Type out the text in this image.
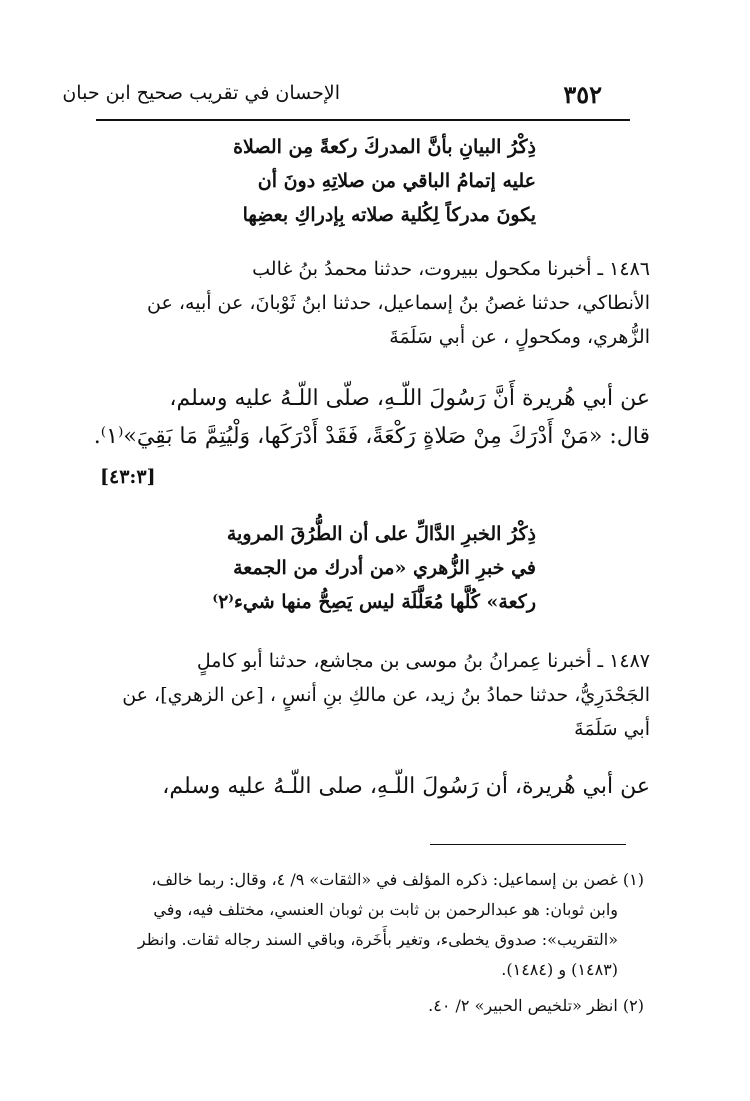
الإحسان في تقريب صحيح ابن حبان	٣٥٢
ذِكْرُ البيانِ بأنَّ المدركَ ركعةً مِن الصلاة
عليه إتمامُ الباقي من صلاتِهِ دونَ أن
يكونَ مدركاً لِكُلية صلاته بِإدراكِ بعضِها
١٤٨٦ ـ أخبرنا مكحول ببيروت، حدثنا محمدُ بنُ غالب
الأنطاكي، حدثنا غصنُ بنُ إسماعيل، حدثنا ابنُ ثَوْبانَ، عن أبيه، عن
الزُّهري، ومكحولٍ ، عن أبي سَلَمَةَ
عن أبي هُريرة أَنَّ رَسُولَ اللّـهِ، صلّى اللّـهُ عليه وسلم،
قال: «مَنْ أَدْرَكَ مِنْ صَلاةٍ رَكْعَةً، فَقَدْ أَدْرَكَها، وَلْيُتِمَّ مَا بَقِيَ»⁽١⁾.
[٤٣:٣]
ذِكْرُ الخبرِ الدَّالِّ على أن الطُّرُقَ المروية
في خبرِ الزُّهري «من أدرك من الجمعة
ركعة» كُلَّها مُعَلَّلَة ليس يَصِحُّ منها شيء⁽٢⁾
١٤٨٧ ـ أخبرنا عِمرانُ بنُ موسى بن مجاشع، حدثنا أبو كاملٍ
الجَحْدَرِيُّ، حدثنا حمادُ بنُ زيد، عن مالكِ بنِ أنسٍ ، [عن الزهري]، عن
أبي سَلَمَةَ
عن أبي هُريرة، أن رَسُولَ اللّـهِ، صلى اللّـهُ عليه وسلم،
(١) غصن بن إسماعيل: ذكره المؤلف في «الثقات» ٩/ ٤، وقال: ربما خالف،
وابن ثوبان: هو عبدالرحمن بن ثابت بن ثوبان العنسي، مختلف فيه، وفي
«التقريب»: صدوق يخطىء، وتغير بأَخَرة، وباقي السند رجاله ثقات. وانظر
(١٤٨٣) و (١٤٨٤).
(٢) انظر «تلخيص الحبير» ٢/ ٤٠.
